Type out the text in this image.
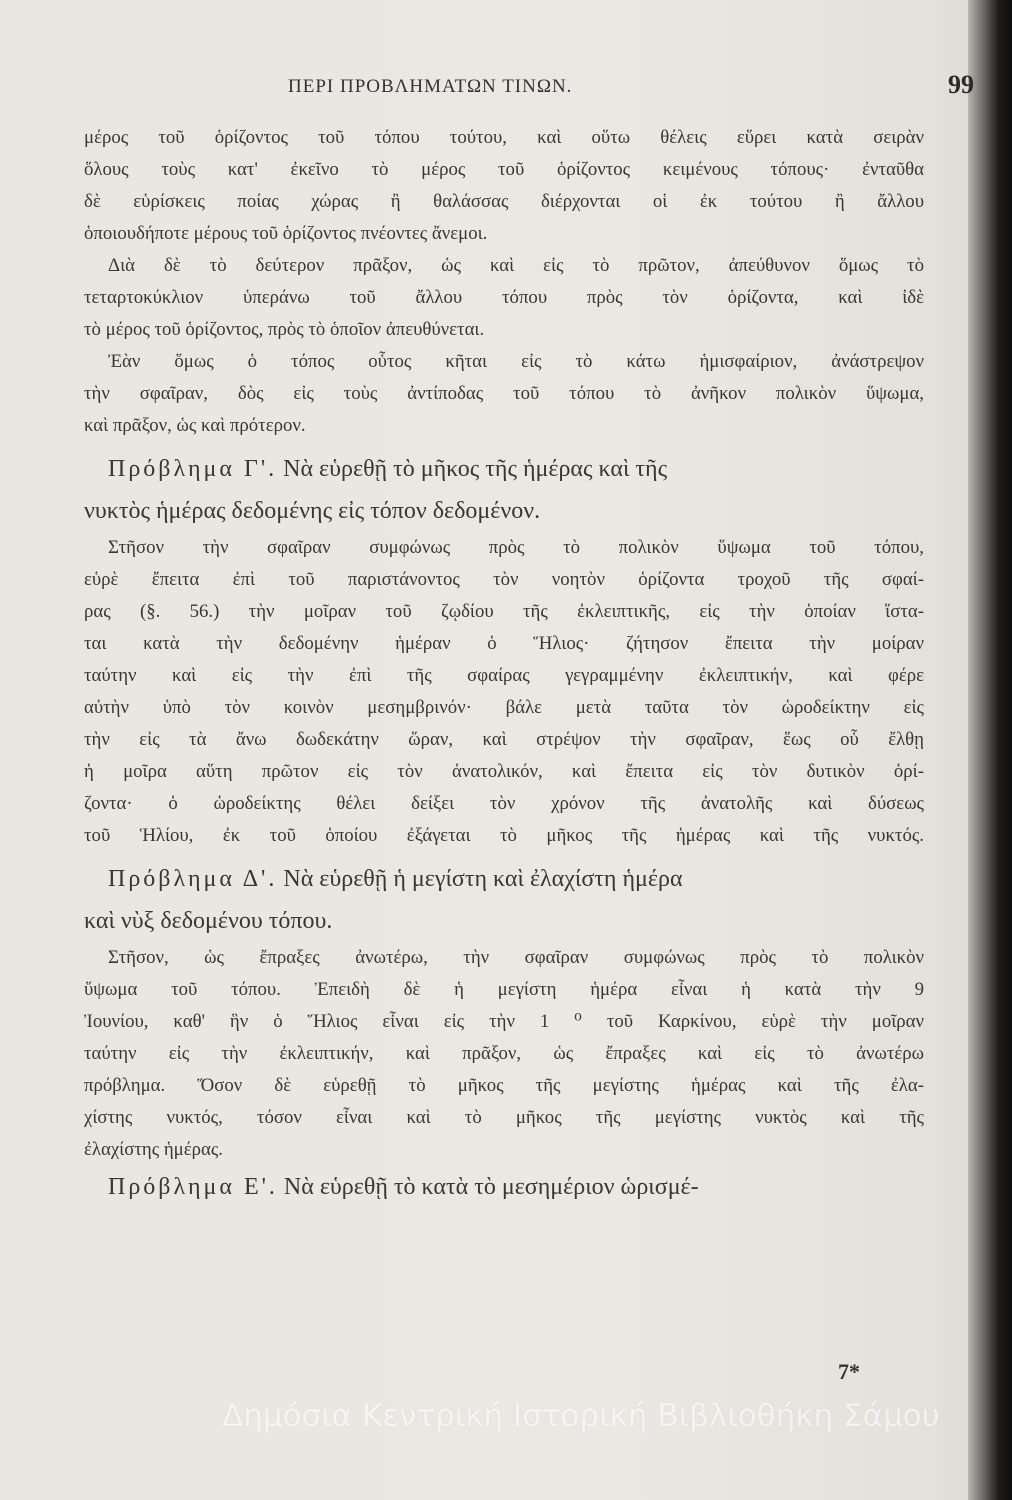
ΠΕΡΙ ΠΡΟΒΛΗΜΑΤΩΝ ΤΙΝΩΝ.	99
μέρος τοῦ ὁρίζοντος τοῦ τόπου τούτου, καὶ οὕτω θέλεις εὕρει κατὰ σειρὰν
ὅλους τοὺς κατ' ἐκεῖνο τὸ μέρος τοῦ ὁρίζοντος κειμένους τόπους· ἐνταῦθα
δὲ εὑρίσκεις ποίας χώρας ἢ θαλάσσας διέρχονται οἱ ἐκ τούτου ἢ ἄλλου
ὁποιουδήποτε μέρους τοῦ ὁρίζοντος πνέοντες ἄνεμοι.
Διὰ δὲ τὸ δεύτερον πρᾶξον, ὡς καὶ εἰς τὸ πρῶτον, ἀπεύθυνον ὅμως τὸ
τεταρτοκύκλιον ὑπεράνω τοῦ ἄλλου τόπου πρὸς τὸν ὁρίζοντα, καὶ ἰδὲ
τὸ μέρος τοῦ ὁρίζοντος, πρὸς τὸ ὁποῖον ἀπευθύνεται.
Ἐὰν ὅμως ὁ τόπος οὗτος κῆται εἰς τὸ κάτω ἡμισφαίριον, ἀνάστρεψον
τὴν σφαῖραν, δὸς εἰς τοὺς ἀντίποδας τοῦ τόπου τὸ ἀνῆκον πολικὸν ὕψωμα,
καὶ πρᾶξον, ὡς καὶ πρότερον.
Πρόβλημα Γ'. Νὰ εὑρεθῇ τὸ μῆκος τῆς ἡμέρας καὶ τῆς
νυκτὸς ἡμέρας δεδομένης εἰς τόπον δεδομένον.
Στῆσον τὴν σφαῖραν συμφώνως πρὸς τὸ πολικὸν ὕψωμα τοῦ τόπου,
εὑρὲ ἔπειτα ἐπὶ τοῦ παριστάνοντος τὸν νοητὸν ὁρίζοντα τροχοῦ τῆς σφαί-
ρας (§. 56.) τὴν μοῖραν τοῦ ζῳδίου τῆς ἐκλειπτικῆς, εἰς τὴν ὁποίαν ἵστα-
ται κατὰ τὴν δεδομένην ἡμέραν ὁ Ἥλιος· ζήτησον ἔπειτα τὴν μοίραν
ταύτην καὶ εἰς τὴν ἐπὶ τῆς σφαίρας γεγραμμένην ἐκλειπτικήν, καὶ φέρε
αὐτὴν ὑπὸ τὸν κοινὸν μεσημβρινόν· βάλε μετὰ ταῦτα τὸν ὡροδείκτην εἰς
τὴν εἰς τὰ ἄνω δωδεκάτην ὥραν, καὶ στρέψον τὴν σφαῖραν, ἕως οὗ ἔλθῃ
ἡ μοῖρα αὕτη πρῶτον εἰς τὸν ἀνατολικόν, καὶ ἔπειτα εἰς τὸν δυτικὸν ὁρί-
ζοντα· ὁ ὡροδείκτης θέλει δείξει τὸν χρόνον τῆς ἀνατολῆς καὶ δύσεως
τοῦ Ἡλίου, ἐκ τοῦ ὁποίου ἐξάγεται τὸ μῆκος τῆς ἡμέρας καὶ τῆς νυκτός.
Πρόβλημα Δ'. Νὰ εὑρεθῇ ἡ μεγίστη καὶ ἐλαχίστη ἡμέρα
καὶ νὺξ δεδομένου τόπου.
Στῆσον, ὡς ἔπραξες ἀνωτέρω, τὴν σφαῖραν συμφώνως πρὸς τὸ πολικὸν
ὕψωμα τοῦ τόπου. Ἐπειδὴ δὲ ἡ μεγίστη ἡμέρα εἶναι ἡ κατὰ τὴν 9
Ἰουνίου, καθ' ἣν ὁ Ἥλιος εἶναι εἰς τὴν 1 ⁰ τοῦ Καρκίνου, εὑρὲ τὴν μοῖραν
ταύτην εἰς τὴν ἐκλειπτικήν, καὶ πρᾶξον, ὡς ἔπραξες καὶ εἰς τὸ ἀνωτέρω
πρόβλημα. Ὅσον δὲ εὑρεθῇ τὸ μῆκος τῆς μεγίστης ἡμέρας καὶ τῆς ἐλα-
χίστης νυκτός, τόσον εἶναι καὶ τὸ μῆκος τῆς μεγίστης νυκτὸς καὶ τῆς
ἐλαχίστης ἡμέρας.
Πρόβλημα Ε'. Νὰ εὑρεθῇ τὸ κατὰ τὸ μεσημέριον ὡρισμέ-
7*
Δημόσια Κεντρική Ιστορική Βιβλιοθήκη Σάμου
